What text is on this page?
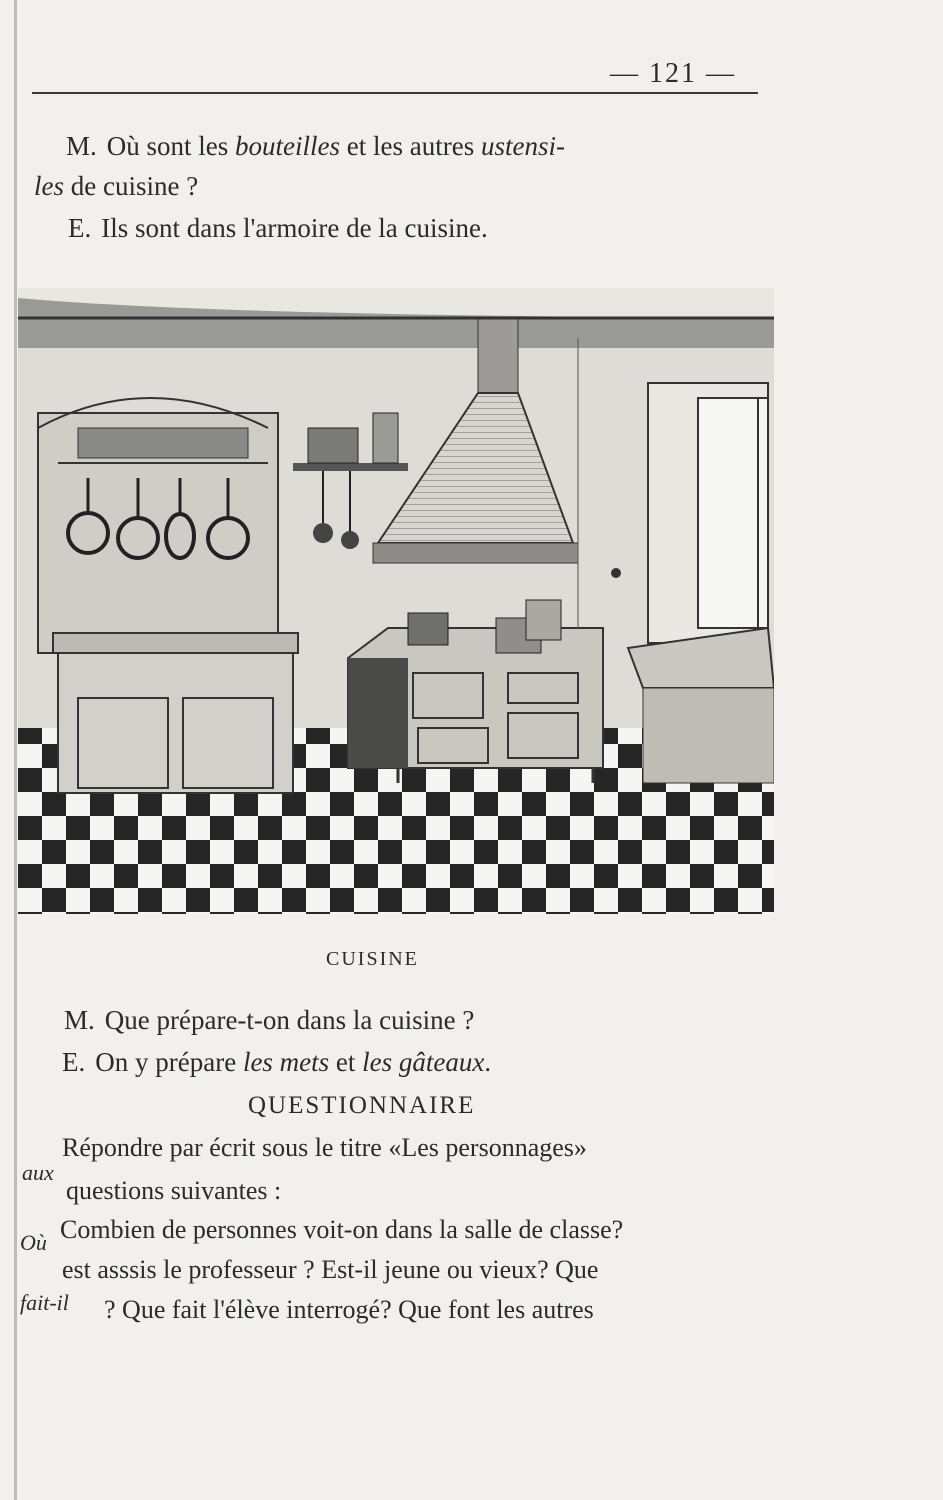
— 121 —
M. Où sont les bouteilles et les autres ustensi-
les de cuisine ?
E. Ils sont dans l'armoire de la cuisine.
CUISINE
M. Que prépare-t-on dans la cuisine ?
E. On y prépare les mets et les gâteaux.
QUESTIONNAIRE
Répondre par écrit sous le titre «Les personnages»
aux
questions suivantes :
Combien de personnes voit-on dans la salle de classe?
Où
est asssis le professeur ? Est-il jeune ou vieux? Que
fait-il ? Que fait l'élève interrogé? Que font les autres
